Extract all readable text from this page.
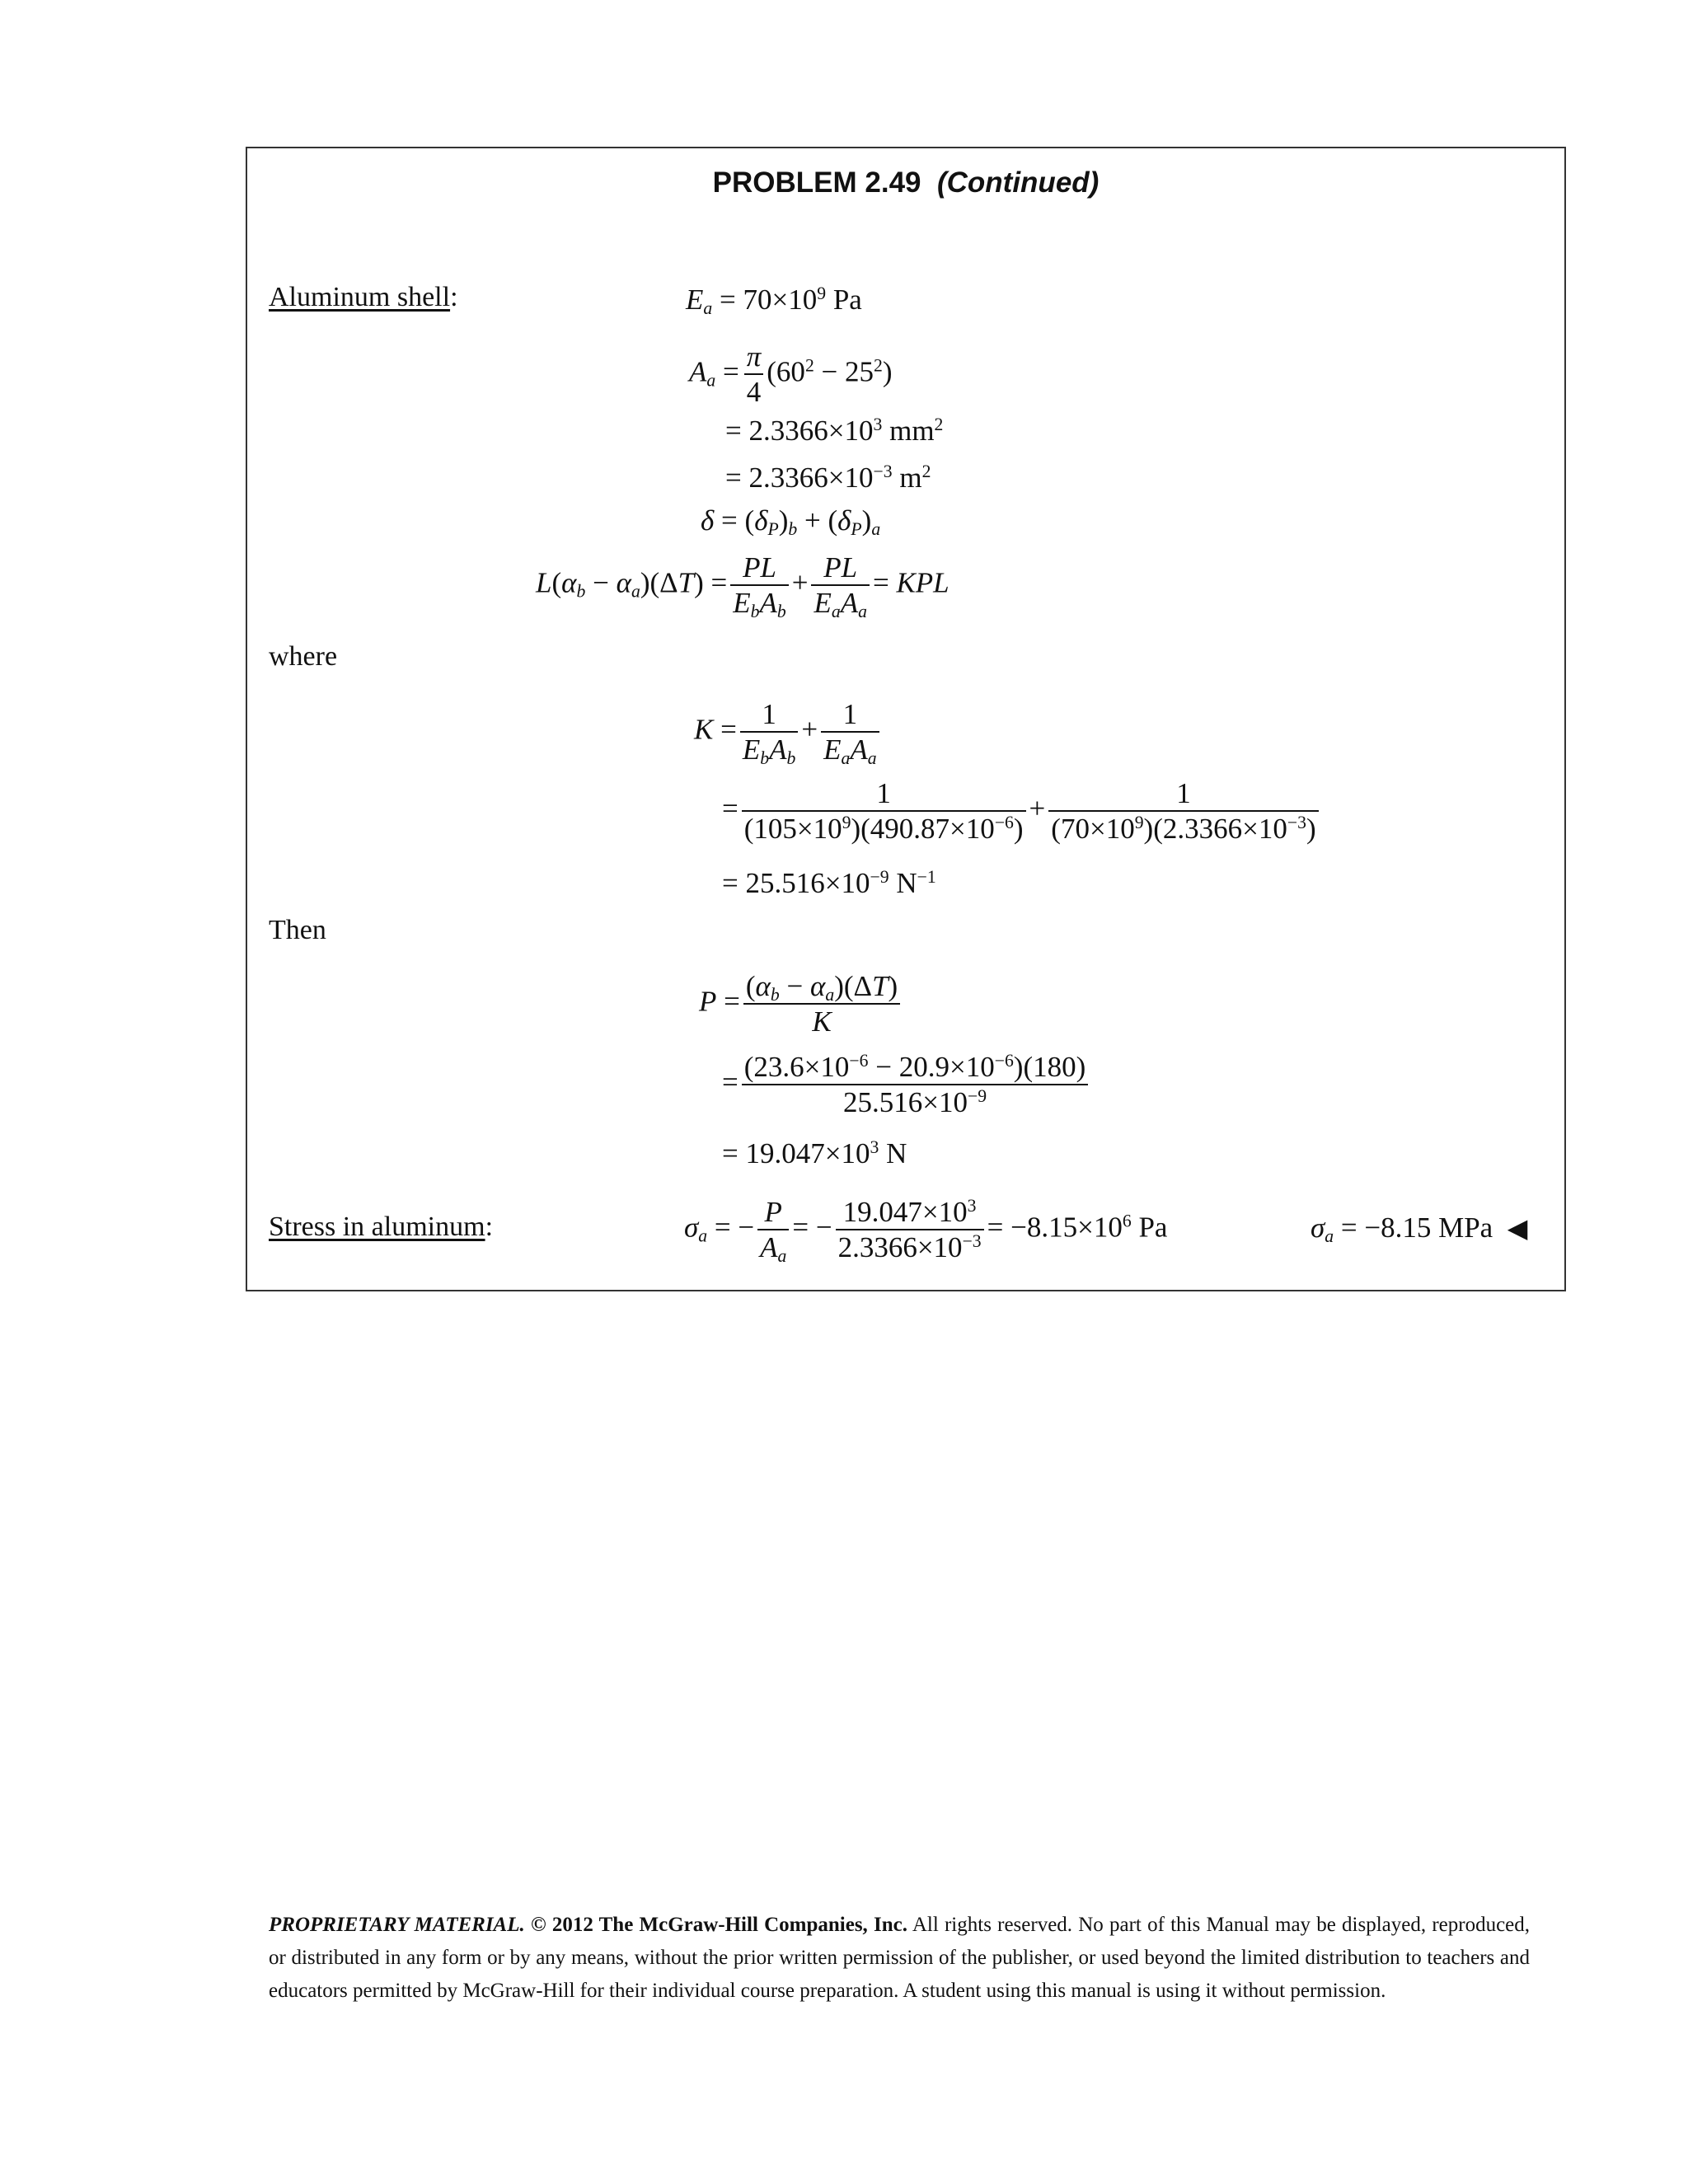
PROBLEM 2.49 (Continued)
Aluminum shell:	$E_a = 70\times 10^9$ Pa
$A_a = \frac{\pi}{4} (60^2 - 25^2)$
= $2.3366\times 10^3$ $mm^2$
= $2.3366\times 10^{-3}$ $m^2$
$\delta = (\delta_P)_b + (\delta_P)_a$
$L(\alpha_b - \alpha_a)(\Delta T) = \frac{PL}{E_bA_b} + \frac{PL}{E_aA_a}$ = KPL
where
$K = \frac{1}{E_bA_b} + \frac{1}{E_aA_a}$
= $\frac{1}{(105\times 10^9)(490.87\times 10^{-6})} + \frac{1}{(70\times 10^9)(2.3366\times 10^{-3})}$
= $25.516\times 10^{-9}$ $N^{-1}$
Then
$P = \frac{(\alpha_b - \alpha_a)(\Delta T)}{K}$
= $\frac{(23.6\times 10^{-6} - 20.9\times 10^{-6})(180)}{25.516\times 10^{-9}}$
= $19.047\times 10^3$ N
Stress in aluminum:	$\sigma_a$ = − $\frac{P}{A_a}$ = − $\frac{19.047\times 10^3}{2.3366\times 10^{-3}} = -8.15\times 10^6$ Pa	$\sigma_a = -8.15$ MPa ◀
PROPRIETARY MATERIAL. © 2012 The McGraw-Hill Companies, Inc. All rights reserved. No part of this Manual may be displayed, reproduced, or distributed in any form or by any means, without the prior written permission of the publisher, or used beyond the limited distribution to teachers and educators permitted by McGraw-Hill for their individual course preparation. A student using this manual is using it without permission.
